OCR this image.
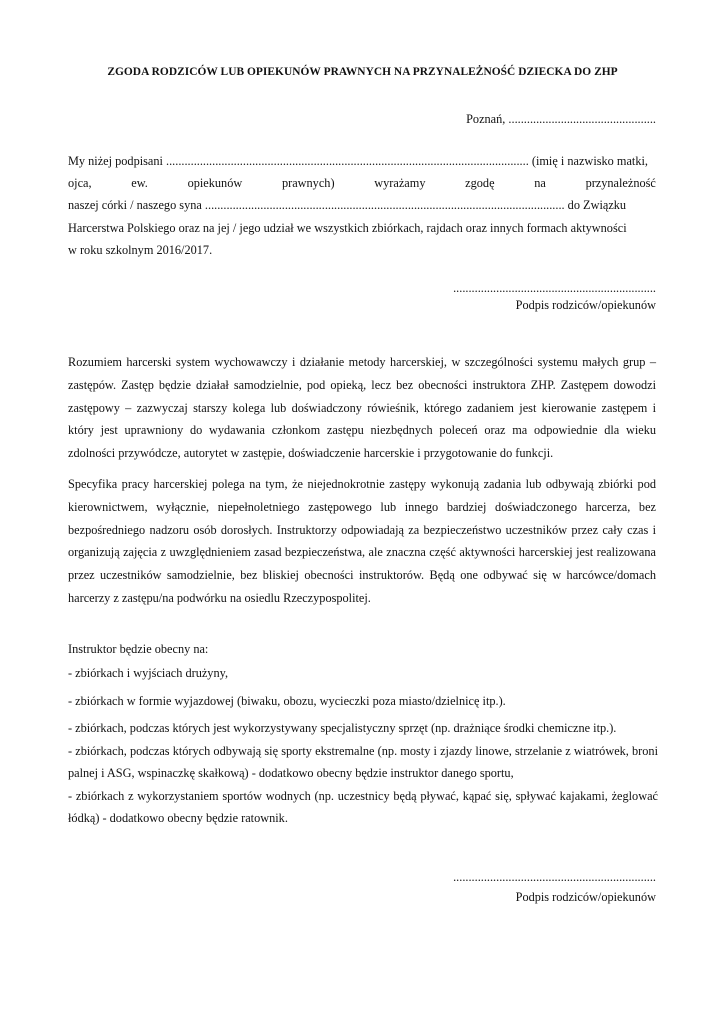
ZGODA RODZICÓW LUB OPIEKUNÓW PRAWNYCH NA PRZYNALEŻNOŚĆ DZIECKA DO ZHP
Poznań, ................................................
My niżej podpisani ...................................................................................................................... (imię i nazwisko matki,
ojca,	ew.	opiekunów	prawnych)	wyrażamy	zgodę	na	przynależność
naszej córki / naszego syna ..................................................................................................................... do Związku
Harcerstwa Polskiego oraz na jej / jego udział we wszystkich zbiórkach, rajdach oraz innych formach aktywności
w roku szkolnym 2016/2017.
..................................................................
Podpis rodziców/opiekunów
Rozumiem harcerski system wychowawczy i działanie metody harcerskiej, w szczególności systemu małych grup – zastępów. Zastęp będzie działał samodzielnie, pod opieką, lecz bez obecności instruktora ZHP. Zastępem dowodzi zastępowy – zazwyczaj starszy kolega lub doświadczony rówieśnik, którego zadaniem jest kierowanie zastępem i który jest uprawniony do wydawania członkom zastępu niezbędnych poleceń oraz ma odpowiednie dla wieku zdolności przywódcze, autorytet w zastępie, doświadczenie harcerskie i przygotowanie do funkcji.
Specyfika pracy harcerskiej polega na tym, że niejednokrotnie zastępy wykonują zadania lub odbywają zbiórki pod kierownictwem, wyłącznie, niepełnoletniego zastępowego lub innego bardziej doświadczonego harcerza, bez bezpośredniego nadzoru osób dorosłych. Instruktorzy odpowiadają za bezpieczeństwo uczestników przez cały czas i organizują zajęcia z uwzględnieniem zasad bezpieczeństwa, ale znaczna część aktywności harcerskiej jest realizowana przez uczestników samodzielnie, bez bliskiej obecności instruktorów. Będą one odbywać się w harcówce/domach harcerzy z zastępu/na podwórku na osiedlu Rzeczypospolitej.
Instruktor będzie obecny na:
- zbiórkach i wyjściach drużyny,
- zbiórkach w formie wyjazdowej (biwaku, obozu, wycieczki poza miasto/dzielnicę itp.).
- zbiórkach, podczas których jest wykorzystywany specjalistyczny sprzęt (np. drażniące środki chemiczne itp.).
- zbiórkach, podczas których odbywają się sporty ekstremalne (np. mosty i zjazdy linowe, strzelanie z wiatrówek, broni palnej i ASG, wspinaczkę skałkową) - dodatkowo obecny będzie instruktor danego sportu,
- zbiórkach z wykorzystaniem sportów wodnych (np. uczestnicy będą pływać, kąpać się, spływać kajakami, żeglować łódką) - dodatkowo obecny będzie ratownik.
..................................................................
Podpis rodziców/opiekunów
